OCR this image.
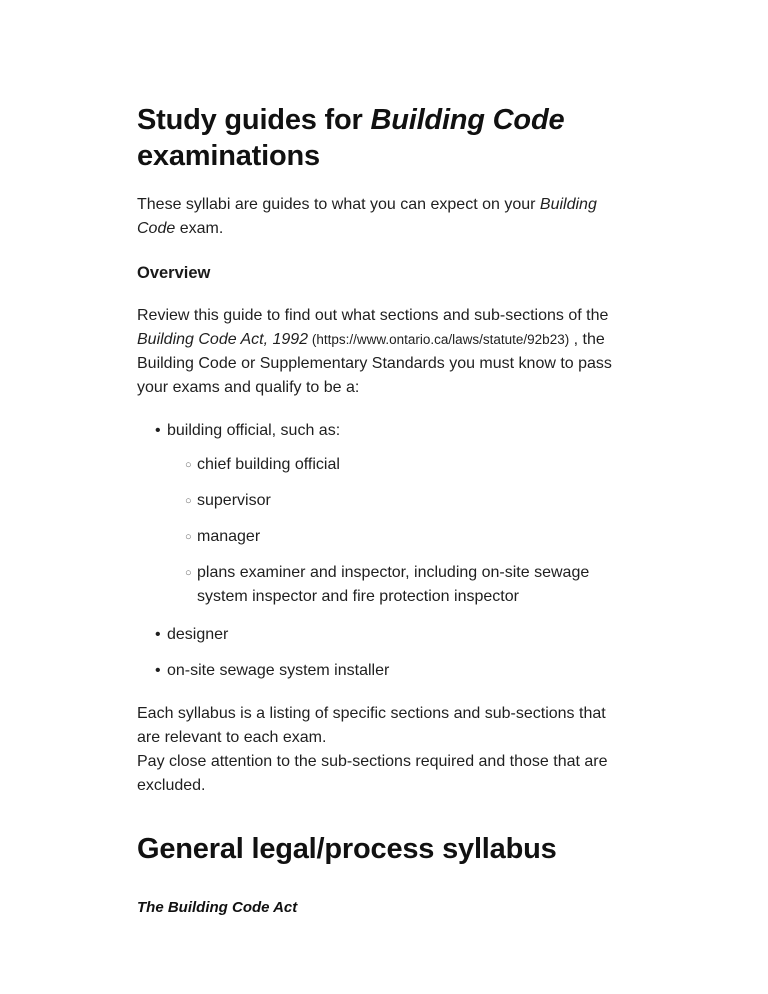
Study guides for Building Code examinations

These syllabi are guides to what you can expect on your Building Code exam.

Overview

Review this guide to find out what sections and sub-sections of the Building Code Act, 1992 (https://www.ontario.ca/laws/statute/92b23) , the Building Code or Supplementary Standards you must know to pass your exams and qualify to be a:

• building official, such as:
○ chief building official
○ supervisor
○ manager
○ plans examiner and inspector, including on-site sewage system inspector and fire protection inspector
• designer
• on-site sewage system installer

Each syllabus is a listing of specific sections and sub-sections that are relevant to each exam.
Pay close attention to the sub-sections required and those that are excluded.

General legal/process syllabus
The Building Code Act
